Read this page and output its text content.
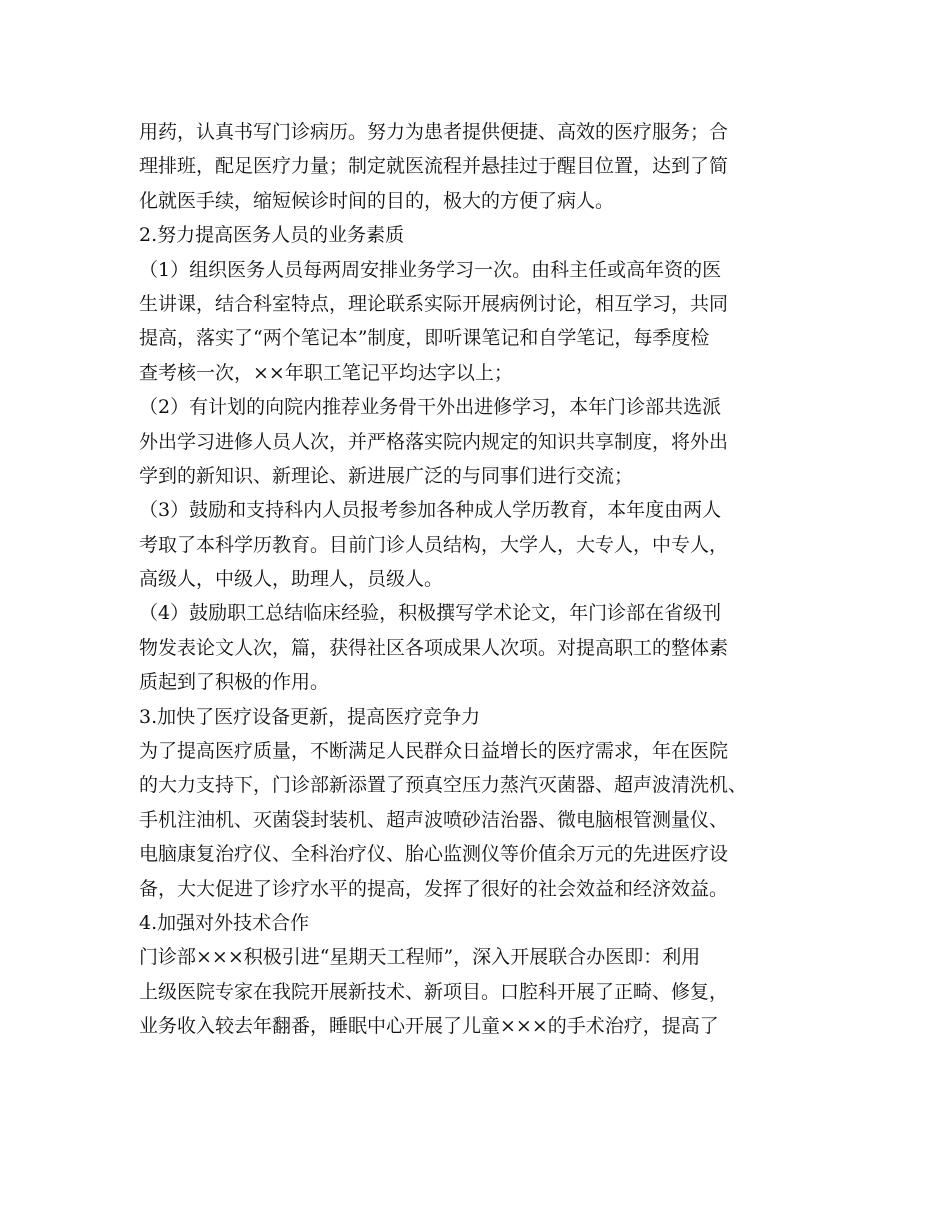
用药，认真书写门诊病历。努力为患者提供便捷、高效的医疗服务；合
理排班，配足医疗力量；制定就医流程并悬挂过于醒目位置，达到了简
化就医手续，缩短候诊时间的目的，极大的方便了病人。
2.努力提高医务人员的业务素质
（1）组织医务人员每两周安排业务学习一次。由科主任或高年资的医
生讲课，结合科室特点，理论联系实际开展病例讨论，相互学习，共同
提高，落实了“两个笔记本”制度，即听课笔记和自学笔记，每季度检
查考核一次，××年职工笔记平均达字以上；
（2）有计划的向院内推荐业务骨干外出进修学习，本年门诊部共选派
外出学习进修人员人次，并严格落实院内规定的知识共享制度，将外出
学到的新知识、新理论、新进展广泛的与同事们进行交流；
（3）鼓励和支持科内人员报考参加各种成人学历教育，本年度由两人
考取了本科学历教育。目前门诊人员结构，大学人，大专人，中专人，
高级人，中级人，助理人，员级人。
（4）鼓励职工总结临床经验，积极撰写学术论文，年门诊部在省级刊
物发表论文人次，篇，获得社区各项成果人次项。对提高职工的整体素
质起到了积极的作用。
3.加快了医疗设备更新，提高医疗竞争力
为了提高医疗质量，不断满足人民群众日益增长的医疗需求，年在医院
的大力支持下，门诊部新添置了预真空压力蒸汽灭菌器、超声波清洗机、
手机注油机、灭菌袋封装机、超声波喷砂洁治器、微电脑根管测量仪、
电脑康复治疗仪、全科治疗仪、胎心监测仪等价值余万元的先进医疗设
备，大大促进了诊疗水平的提高，发挥了很好的社会效益和经济效益。
4.加强对外技术合作
门诊部×××积极引进“星期天工程师”，深入开展联合办医即：利用
上级医院专家在我院开展新技术、新项目。口腔科开展了正畸、修复，
业务收入较去年翻番，睡眠中心开展了儿童×××的手术治疗，提高了
